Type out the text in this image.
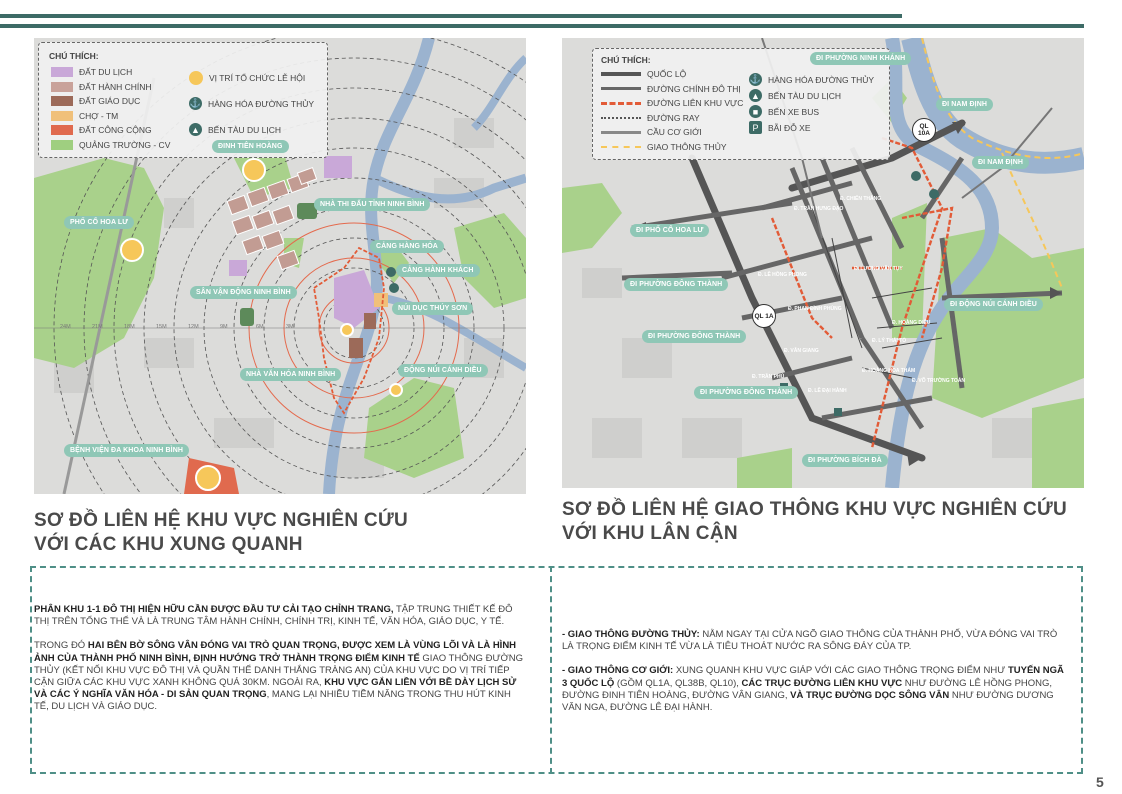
CHÚ THÍCH:
ĐẤT DU LỊCH
ĐẤT HÀNH CHÍNH
ĐẤT GIÁO DỤC
CHỢ - TM
ĐẤT CÔNG CỘNG
QUẢNG TRƯỜNG - CV
VỊ TRÍ TỔ CHỨC LỄ HỘI
⚓ HÀNG HÓA ĐƯỜNG THỦY
▲ BẾN TÀU DU LỊCH
ĐINH TIÊN HOÀNG
PHỐ CỔ HOA LƯ
NHÀ THI ĐẤU TỈNH NINH BÌNH
CẢNG HÀNG HÓA
CẢNG HÀNH KHÁCH
SÂN VẬN ĐỘNG NINH BÌNH
NÚI DỤC THÚY SƠN
NHÀ VĂN HÓA NINH BÌNH
ĐỘNG NÚI CÁNH DIỀU
BỆNH VIỆN ĐA KHOA NINH BÌNH
24M	21M	18M	15M	12M	9M	6M	3M
SƠ ĐỒ LIÊN HỆ KHU VỰC NGHIÊN CỨU
VỚI CÁC KHU XUNG QUANH
CHÚ THÍCH:
QUỐC LỘ
ĐƯỜNG CHÍNH ĐÔ THỊ
ĐƯỜNG LIÊN KHU VỰC
ĐƯỜNG RAY
CẦU CƠ GIỚI
GIAO THÔNG THỦY
⚓ HÀNG HÓA ĐƯỜNG THỦY
▲ BẾN TÀU DU LỊCH
■	BẾN XE BUS
P	BÃI ĐỖ XE
ĐI PHƯỜNG NINH KHÁNH
ĐI NAM ĐỊNH
ĐI NAM ĐỊNH
ĐI PHỐ CỔ HOA LƯ
ĐI PHƯỜNG ĐÔNG THÀNH
ĐI PHƯỜNG ĐÔNG THÀNH
ĐI PHƯỜNG ĐÔNG THÀNH
ĐI ĐỘNG NÚI CÁNH DIỀU
ĐI PHƯỜNG BÍCH ĐÀ
QL 10A
QL 1A
Đ. CHIẾN THẮNG
Đ. TRẦN HƯNG ĐẠO
Đ. LÊ HỒNG PHONG
Đ. PHAN ĐÌNH PHÙNG
Đ. VÂN GIANG
Đ. LÊ ĐẠI HÀNH
Đ. TRẦN PHÚ
Đ. HOÀNG HOA THÁM
Đ. LƯƠNG VĂN TỤY
Đ. LÝ THÁI TỔ
Đ. HOÀNG DIỆU
Đ. VÕ TRƯỜNG TOẢN
SƠ ĐỒ LIÊN HỆ GIAO THÔNG KHU VỰC NGHIÊN CỨU
VỚI KHU LÂN CẬN

PHÂN KHU 1-1 ĐÔ THỊ HIỆN HỮU CẦN ĐƯỢC ĐẦU TƯ CẢI TẠO CHỈNH TRANG, TẬP TRUNG THIẾT KẾ ĐÔ THỊ TRÊN TỔNG THỂ VÀ LÀ TRUNG TÂM HÀNH CHÍNH, CHÍNH TRỊ, KINH TẾ, VĂN HÓA, GIÁO DỤC, Y TẾ.

TRONG ĐÓ HAI BÊN BỜ SÔNG VÂN ĐÓNG VAI TRÒ QUAN TRỌNG, ĐƯỢC XEM LÀ VÙNG LÕI VÀ LÀ HÌNH ẢNH CỦA THÀNH PHỐ NINH BÌNH, ĐỊNH HƯỚNG TRỞ THÀNH TRỌNG ĐIỂM KINH TẾ GIAO THÔNG ĐƯỜNG THỦY (KẾT NỐI KHU VỰC ĐÔ THỊ VÀ QUẦN THỂ DANH THẮNG TRÀNG AN) CỦA KHU VỰC DO VỊ TRÍ TIẾP CẬN GIỮA CÁC KHU VỰC XANH KHÔNG QUÁ 30KM. NGOÀI RA, KHU VỰC GẮN LIỀN VỚI BỀ DÀY LỊCH SỬ VÀ CÁC Ý NGHĨA VĂN HÓA - DI SẢN QUAN TRỌNG, MANG LẠI NHIỀU TIỀM NĂNG TRONG THU HÚT KINH TẾ, DU LỊCH VÀ GIÁO DỤC.

- GIAO THÔNG ĐƯỜNG THỦY: NẰM NGAY TẠI CỬA NGÕ GIAO THÔNG CỦA THÀNH PHỐ, VỪA ĐÓNG VAI TRÒ LÀ TRỌNG ĐIỂM KINH TẾ VỪA LÀ TIÊU THOÁT NƯỚC RA SÔNG ĐÁY CỦA TP.

- GIAO THÔNG CƠ GIỚI: XUNG QUANH KHU VỰC GIÁP VỚI CÁC GIAO THÔNG TRỌNG ĐIỂM NHƯ TUYẾN NGÃ 3 QUỐC LỘ (GỒM QL1A, QL38B, QL10), CÁC TRỤC ĐƯỜNG LIÊN KHU VỰC NHƯ ĐƯỜNG LÊ HỒNG PHONG, ĐƯỜNG ĐINH TIÊN HOÀNG, ĐƯỜNG VÂN GIANG, VÀ TRỤC ĐƯỜNG DỌC SÔNG VÂN NHƯ ĐƯỜNG DƯƠNG VĂN NGA, ĐƯỜNG LÊ ĐẠI HÀNH.

5
